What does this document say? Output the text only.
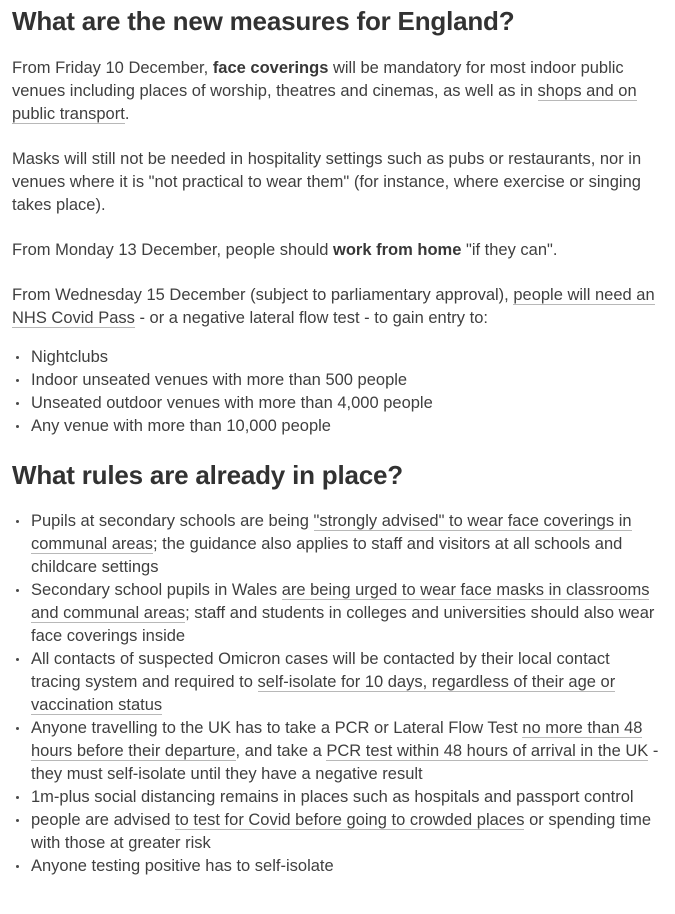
What are the new measures for England?

From Friday 10 December, face coverings will be mandatory for most indoor public venues including places of worship, theatres and cinemas, as well as in shops and on public transport.

Masks will still not be needed in hospitality settings such as pubs or restaurants, nor in venues where it is "not practical to wear them" (for instance, where exercise or singing takes place).

From Monday 13 December, people should work from home "if they can".

From Wednesday 15 December (subject to parliamentary approval), people will need an NHS Covid Pass - or a negative lateral flow test - to gain entry to:

Nightclubs
Indoor unseated venues with more than 500 people
Unseated outdoor venues with more than 4,000 people
Any venue with more than 10,000 people
What rules are already in place?
Pupils at secondary schools are being "strongly advised" to wear face coverings in communal areas; the guidance also applies to staff and visitors at all schools and childcare settings
Secondary school pupils in Wales are being urged to wear face masks in classrooms and communal areas; staff and students in colleges and universities should also wear face coverings inside
All contacts of suspected Omicron cases will be contacted by their local contact tracing system and required to self-isolate for 10 days, regardless of their age or vaccination status
Anyone travelling to the UK has to take a PCR or Lateral Flow Test no more than 48 hours before their departure, and take a PCR test within 48 hours of arrival in the UK - they must self-isolate until they have a negative result
1m-plus social distancing remains in places such as hospitals and passport control
people are advised to test for Covid before going to crowded places or spending time with those at greater risk
Anyone testing positive has to self-isolate
